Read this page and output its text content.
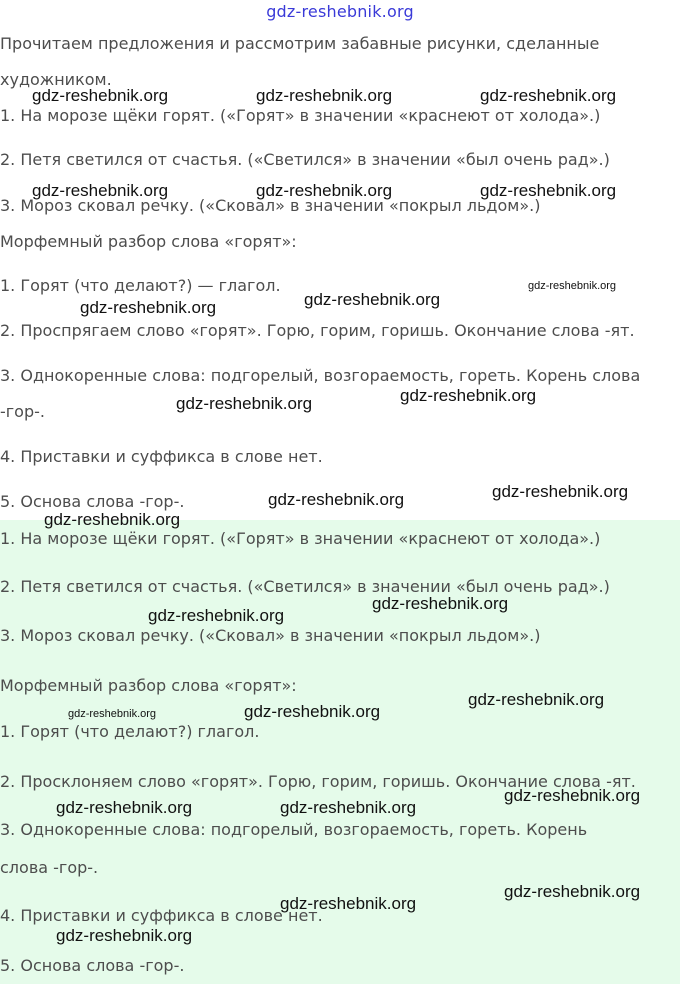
gdz-reshebnik.org
Прочитаем предложения и рассмотрим забавные рисунки, сделанные
художником.
1. На морозе щёки горят. («Горят» в значении «краснеют от холода».)
2. Петя светился от счастья. («Светился» в значении «был очень рад».)
3. Мороз сковал речку. («Сковал» в значении «покрыл льдом».)
Морфемный разбор слова «горят»:
1. Горят (что делают?) — глагол.
2. Проспрягаем слово «горят». Горю, горим, горишь. Окончание слова -ят.
3. Однокоренные слова: подгорелый, возгораемость, гореть. Корень слова
-гор-.
4. Приставки и суффикса в слове нет.
5. Основа слова -гор-.
1. На морозе щёки горят. («Горят» в значении «краснеют от холода».)
2. Петя светился от счастья. («Светился» в значении «был очень рад».)
3. Мороз сковал речку. («Сковал» в значении «покрыл льдом».)
Морфемный разбор слова «горят»:
1. Горят (что делают?) глагол.
2. Просклоняем слово «горят». Горю, горим, горишь. Окончание слова -ят.
3. Однокоренные слова: подгорелый, возгораемость, гореть. Корень
слова -гор-.
4. Приставки и суффикса в слове нет.
5. Основа слова -гор-.
gdz-reshebnik.org	gdz-reshebnik.org	gdz-reshebnik.org
gdz-reshebnik.org	gdz-reshebnik.org	gdz-reshebnik.org
gdz-reshebnik.org
gdz-reshebnik.org
gdz-reshebnik.org
gdz-reshebnik.org
gdz-reshebnik.org
gdz-reshebnik.org
gdz-reshebnik.org
gdz-reshebnik.org
gdz-reshebnik.org
gdz-reshebnik.org
gdz-reshebnik.org
gdz-reshebnik.org
gdz-reshebnik.org
gdz-reshebnik.org
gdz-reshebnik.org	gdz-reshebnik.org
gdz-reshebnik.org
gdz-reshebnik.org
gdz-reshebnik.org
